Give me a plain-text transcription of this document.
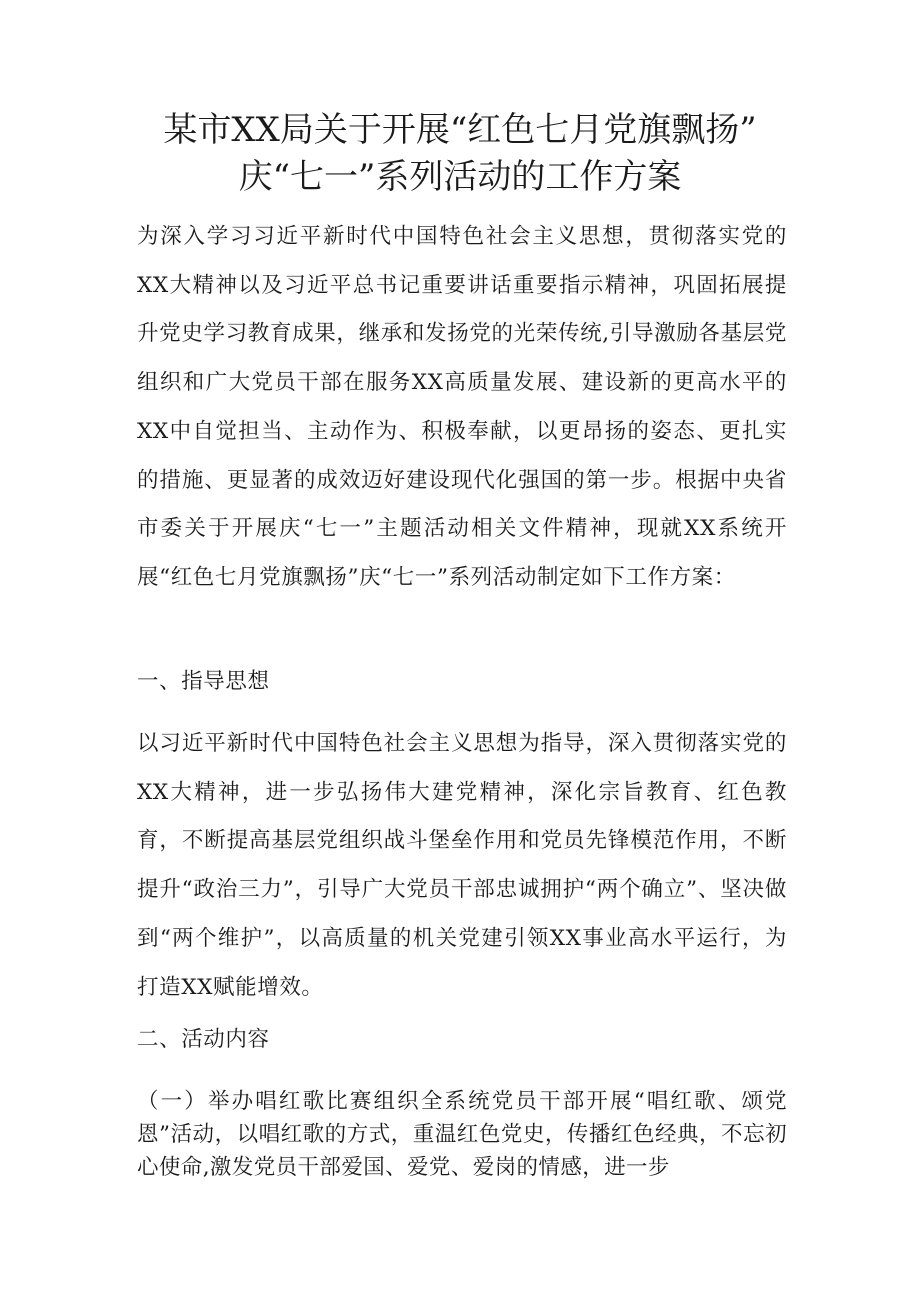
某市XX局关于开展“红色七月党旗飘扬”
庆“七一”系列活动的工作方案
为深入学习习近平新时代中国特色社会主义思想，贯彻落实党的XX大精神以及习近平总书记重要讲话重要指示精神，巩固拓展提升党史学习教育成果，继承和发扬党的光荣传统,引导激励各基层党组织和广大党员干部在服务XX高质量发展、建设新的更高水平的XX中自觉担当、主动作为、积极奉献，以更昂扬的姿态、更扎实的措施、更显著的成效迈好建设现代化强国的第一步。根据中央省市委关于开展庆“七一”主题活动相关文件精神，现就XX系统开展“红色七月党旗飘扬”庆“七一”系列活动制定如下工作方案：
一、指导思想
以习近平新时代中国特色社会主义思想为指导，深入贯彻落实党的XX大精神，进一步弘扬伟大建党精神，深化宗旨教育、红色教育，不断提高基层党组织战斗堡垒作用和党员先锋模范作用，不断提升“政治三力”，引导广大党员干部忠诚拥护“两个确立”、坚决做到“两个维护”，以高质量的机关党建引领XX事业高水平运行，为打造XX赋能增效。
二、活动内容
（一）举办唱红歌比赛组织全系统党员干部开展“唱红歌、颂党恩”活动，以唱红歌的方式，重温红色党史，传播红色经典，不忘初心使命,激发党员干部爱国、爱党、爱岗的情感，进一步
